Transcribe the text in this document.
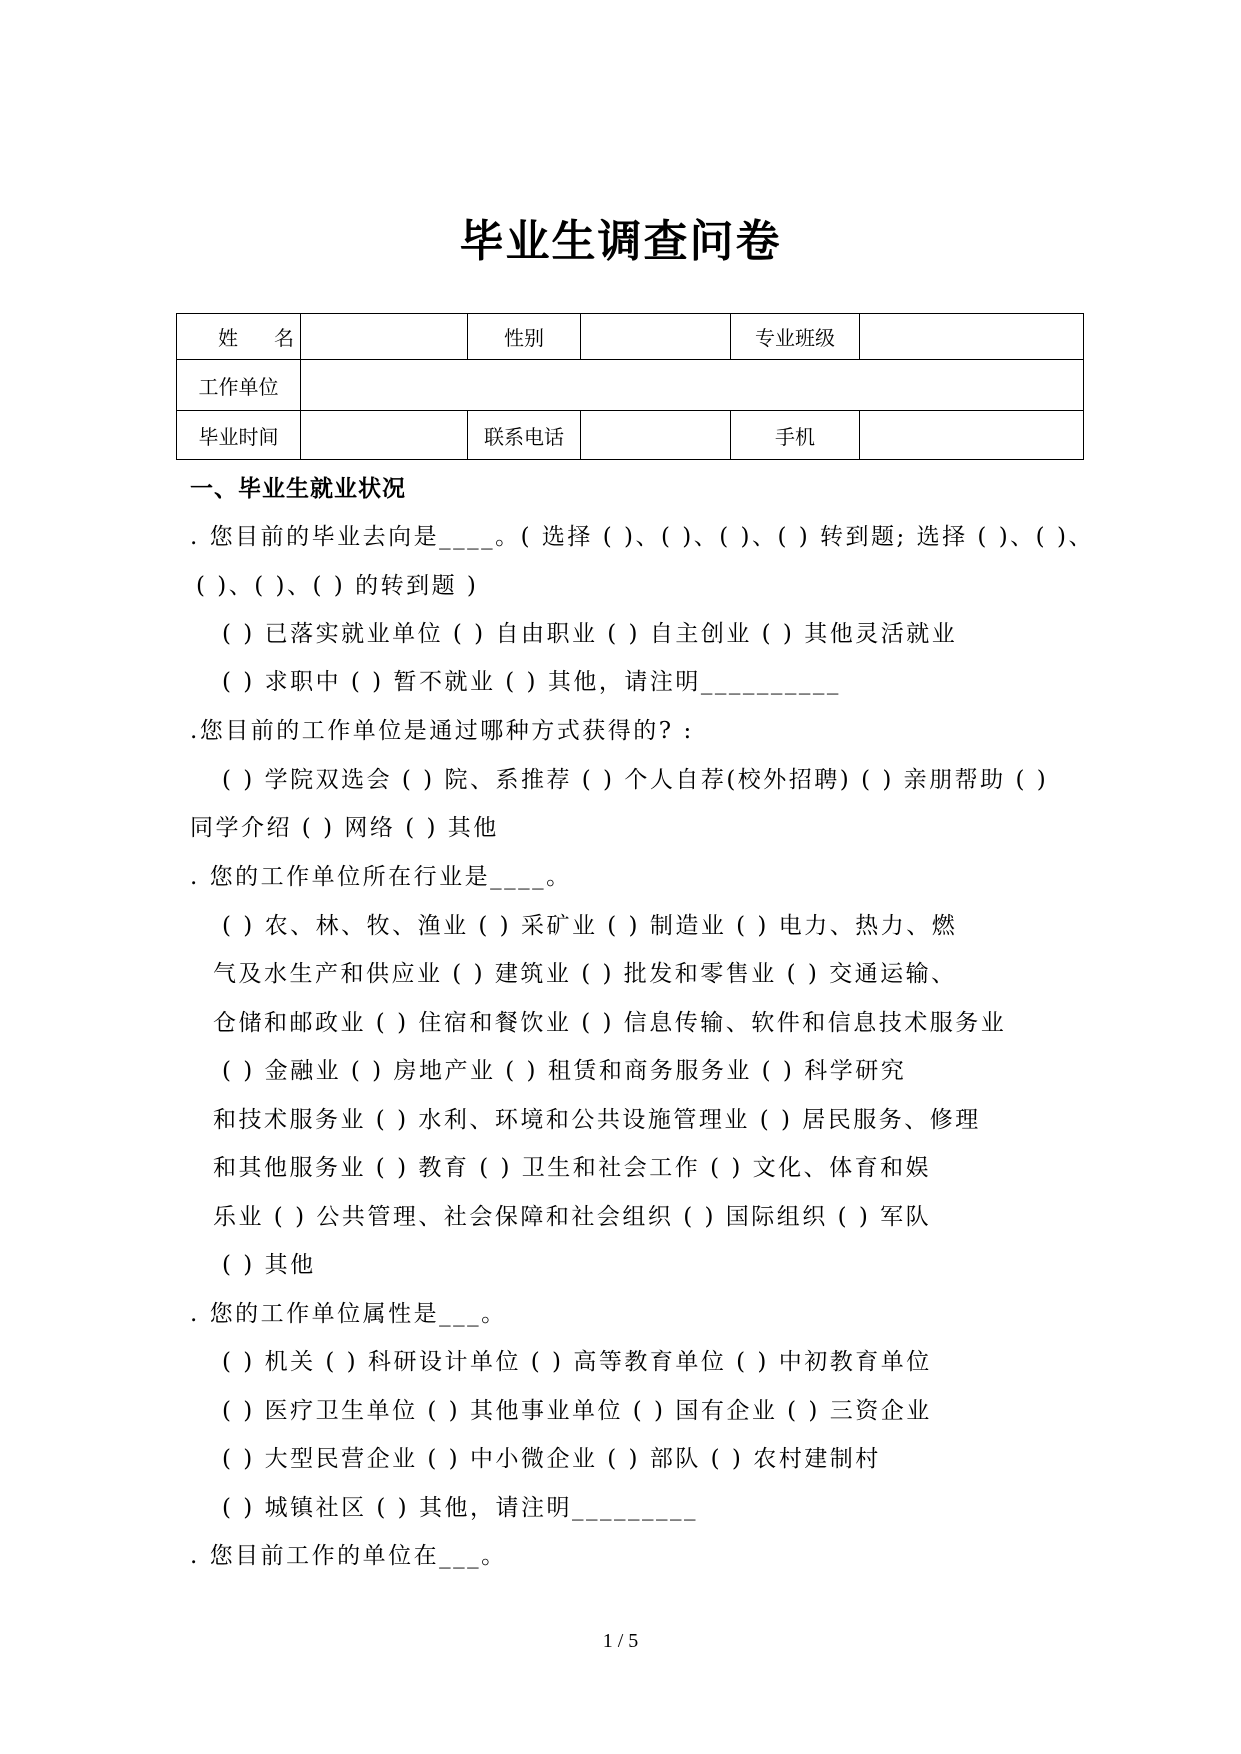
毕业生调查问卷
姓 名		性别		专业班级	
工作单位					
毕业时间		联系电话		手机	
一、毕业生就业状况
. 您目前的毕业去向是____。( 选择 ( )、( )、( )、( ) 转到题; 选择 ( )、( )、
( )、( )、( ) 的转到题 )
( ) 已落实就业单位 ( ) 自由职业 ( ) 自主创业 ( ) 其他灵活就业
( ) 求职中 ( ) 暂不就业 ( ) 其他，请注明__________
.您目前的工作单位是通过哪种方式获得的? :
( ) 学院双选会 ( ) 院、系推荐 ( ) 个人自荐(校外招聘) ( ) 亲朋帮助 ( )
同学介绍 ( ) 网络 ( ) 其他
. 您的工作单位所在行业是____。
( ) 农、林、牧、渔业 ( ) 采矿业 ( ) 制造业 ( ) 电力、热力、燃
气及水生产和供应业 ( ) 建筑业 ( ) 批发和零售业 ( ) 交通运输、
仓储和邮政业 ( ) 住宿和餐饮业 ( ) 信息传输、软件和信息技术服务业
( ) 金融业 ( ) 房地产业 ( ) 租赁和商务服务业 ( ) 科学研究
和技术服务业 ( ) 水利、环境和公共设施管理业 ( ) 居民服务、修理
和其他服务业 ( ) 教育 ( ) 卫生和社会工作 ( ) 文化、体育和娱
乐业 ( ) 公共管理、社会保障和社会组织 ( ) 国际组织 ( ) 军队
( ) 其他
. 您的工作单位属性是___。
( ) 机关 ( ) 科研设计单位 ( ) 高等教育单位 ( ) 中初教育单位
( ) 医疗卫生单位 ( ) 其他事业单位 ( ) 国有企业 ( ) 三资企业
( ) 大型民营企业 ( ) 中小微企业 ( ) 部队 ( ) 农村建制村
( ) 城镇社区 ( ) 其他，请注明_________
. 您目前工作的单位在___。
1 / 5
